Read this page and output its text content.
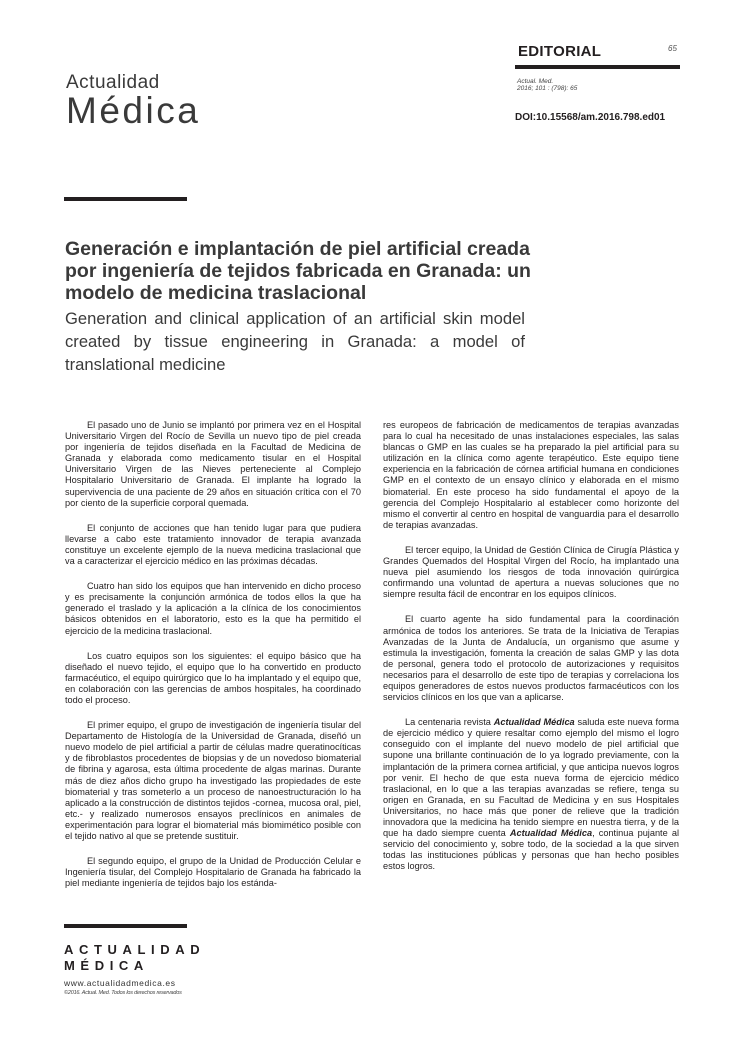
Actualidad
Médica
EDITORIAL	65
Actual. Med.
2016; 101 : (798): 65
DOI:10.15568/am.2016.798.ed01
Generación e implantación de piel artificial creada por ingeniería de tejidos fabricada en Granada: un modelo de medicina traslacional
Generation and clinical application of an artificial skin model created by tissue engineering in Granada: a model of translational medicine

El pasado uno de Junio se implantó por primera vez en el Hospital Universitario Virgen del Rocío de Sevilla un nuevo tipo de piel creada por ingeniería de tejidos diseñada en la Facultad de Medicina de Granada y elaborada como medicamento tisular en el Hospital Universitario Virgen de las Nieves perteneciente al Complejo Hospitalario Universitario de Granada. El implante ha logrado la supervivencia de una paciente de 29 años en situación crítica con el 70 por ciento de la superficie corporal quemada.

El conjunto de acciones que han tenido lugar para que pudiera llevarse a cabo este tratamiento innovador de terapia avanzada constituye un excelente ejemplo de la nueva medicina traslacional que va a caracterizar el ejercicio médico en las próximas décadas.

Cuatro han sido los equipos que han intervenido en dicho proceso y es precisamente la conjunción armónica de todos ellos la que ha generado el traslado y la aplicación a la clínica de los conocimientos básicos obtenidos en el laboratorio, esto es la que ha permitido el ejercicio de la medicina traslacional.

Los cuatro equipos son los siguientes: el equipo básico que ha diseñado el nuevo tejido, el equipo que lo ha convertido en producto farmacéutico, el equipo quirúrgico que lo ha implantado y el equipo que, en colaboración con las gerencias de ambos hospitales, ha coordinado todo el proceso.

El primer equipo, el grupo de investigación de ingeniería tisular del Departamento de Histología de la Universidad de Granada, diseñó un nuevo modelo de piel artificial a partir de células madre queratinocíticas y de fibroblastos procedentes de biopsias y de un novedoso biomaterial de fibrina y agarosa, esta última procedente de algas marinas. Durante más de diez años dicho grupo ha investigado las propiedades de este biomaterial y tras someterlo a un proceso de nanoestructuración lo ha aplicado a la construcción de distintos tejidos -cornea, mucosa oral, piel, etc.- y realizado numerosos ensayos preclínicos en animales de experimentación para lograr el biomaterial más biomimético posible con el tejido nativo al que se pretende sustituir.

El segundo equipo, el grupo de la Unidad de Producción Celular e Ingeniería tisular, del Complejo Hospitalario de Granada ha fabricado la piel mediante ingeniería de tejidos bajo los estánda-

res europeos de fabricación de medicamentos de terapias avanzadas para lo cual ha necesitado de unas instalaciones especiales, las salas blancas o GMP en las cuales se ha preparado la piel artificial para su utilización en la clínica como agente terapéutico. Este equipo tiene experiencia en la fabricación de córnea artificial humana en condiciones GMP en el contexto de un ensayo clínico y elaborada en el mismo biomaterial. En este proceso ha sido fundamental el apoyo de la gerencia del Complejo Hospitalario al establecer como horizonte del mismo el convertir al centro en hospital de vanguardia para el desarrollo de terapias avanzadas.

El tercer equipo, la Unidad de Gestión Clínica de Cirugía Plástica y Grandes Quemados del Hospital Virgen del Rocío, ha implantado una nueva piel asumiendo los riesgos de toda innovación quirúrgica confirmando una voluntad de apertura a nuevas soluciones que no siempre resulta fácil de encontrar en los equipos clínicos.

El cuarto agente ha sido fundamental para la coordinación armónica de todos los anteriores. Se trata de la Iniciativa de Terapias Avanzadas de la Junta de Andalucía, un organismo que asume y estimula la investigación, fomenta la creación de salas GMP y las dota de personal, genera todo el protocolo de autorizaciones y requisitos necesarios para el desarrollo de este tipo de terapias y correlaciona los equipos generadores de estos nuevos productos farmacéuticos con los servicios clínicos en los que van a aplicarse.

La centenaria revista Actualidad Médica saluda este nueva forma de ejercicio médico y quiere resaltar como ejemplo del mismo el logro conseguido con el implante del nuevo modelo de piel artificial que supone una brillante continuación de lo ya logrado previamente, con la implantación de la primera cornea artificial, y que anticipa nuevos logros por venir. El hecho de que esta nueva forma de ejercicio médico traslacional, en lo que a las terapias avanzadas se refiere, tenga su origen en Granada, en su Facultad de Medicina y en sus Hospitales Universitarios, no hace más que poner de relieve que la tradición innovadora que la medicina ha tenido siempre en nuestra tierra, y de la que ha dado siempre cuenta Actualidad Médica, continua pujante al servicio del conocimiento y, sobre todo, de la sociedad a la que sirven todas las instituciones públicas y personas que han hecho posibles estos logros.

ACTUALIDAD
MÉDICA
www.actualidadmedica.es
©2016. Actual. Med. Todos los derechos reservados
